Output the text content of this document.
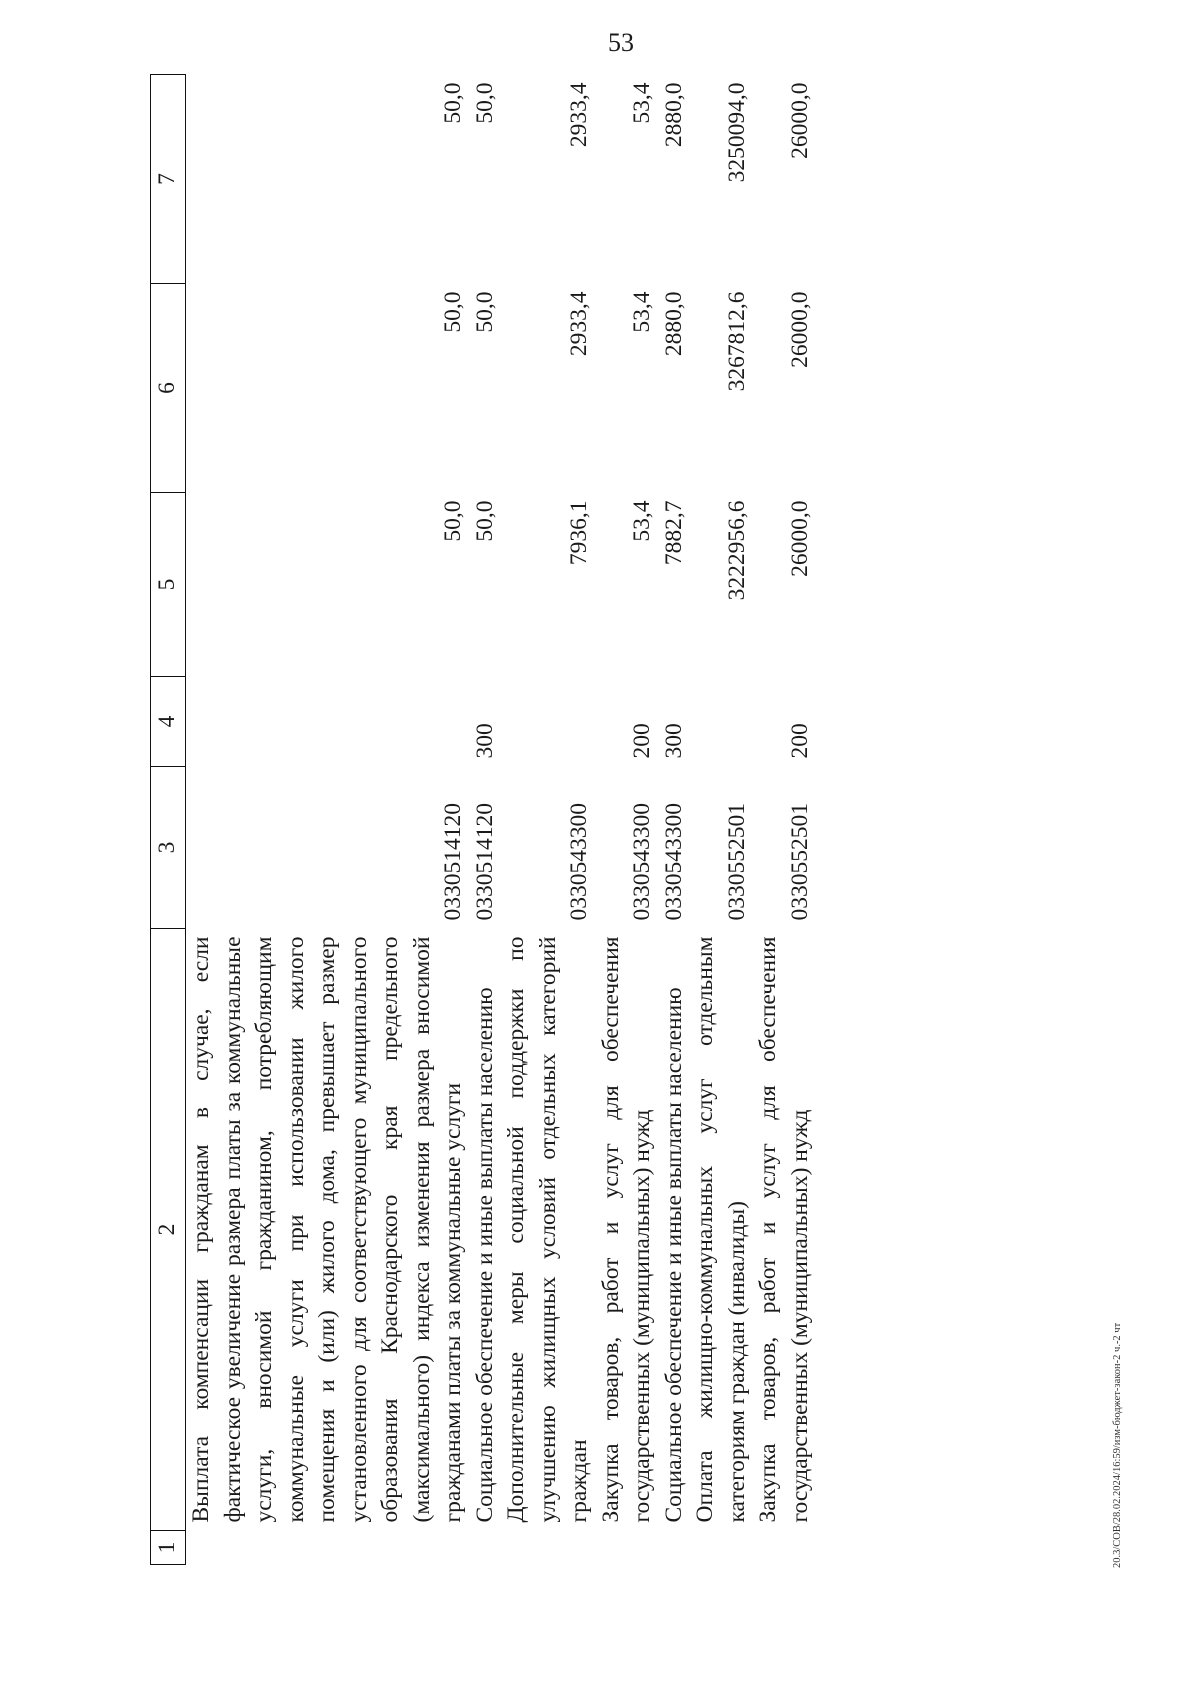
53
20.3/СОВ/28.02.2024/16:59/изм-бюджет-закон-2 ч.-2 чт
1	2	3	4	5	6	7
	Выплата компенсации гражданам в случае, если фактическое увеличение размера платы за коммунальные услуги, вносимой гражданином, потребляющим коммунальные услуги при использовании жилого помещения и (или) жилого дома, превышает размер установленного для соответствующего муниципального образования Краснодарского края предельного (максимального) индекса изменения размера вносимой гражданами платы за коммунальные услуги	0330514120		50,0	50,0	50,0
	Социальное обеспечение и иные выплаты населению	0330514120	300	50,0	50,0	50,0
	Дополнительные меры социальной поддержки по улучшению жилищных условий отдельных категорий граждан	0330543300		7936,1	2933,4	2933,4
	Закупка товаров, работ и услуг для обеспечения государственных (муниципальных) нужд	0330543300	200	53,4	53,4	53,4
	Социальное обеспечение и иные выплаты населению	0330543300	300	7882,7	2880,0	2880,0
	Оплата жилищно-коммунальных услуг отдельным категориям граждан (инвалиды)	0330552501		3222956,6	3267812,6	3250094,0
	Закупка товаров, работ и услуг для обеспечения государственных (муниципальных) нужд	0330552501	200	26000,0	26000,0	26000,0
